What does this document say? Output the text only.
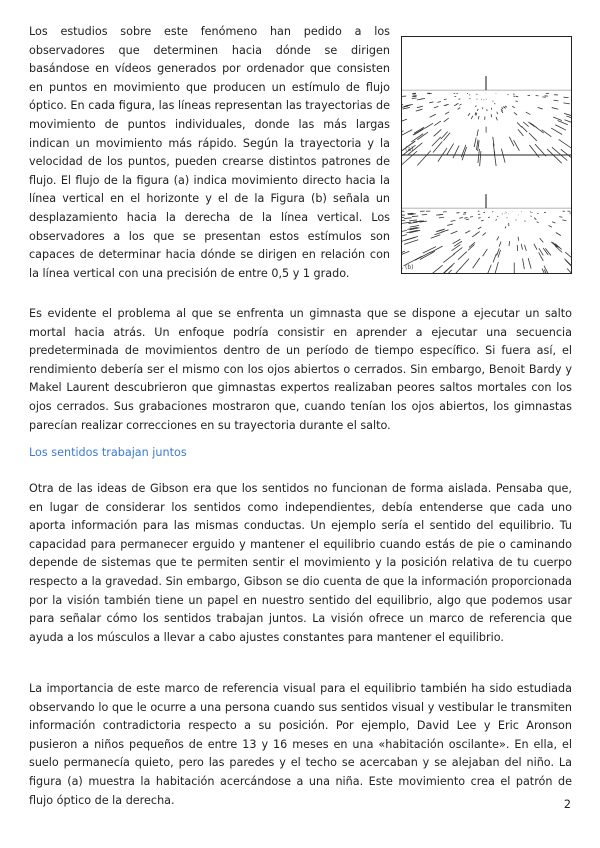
Los estudios sobre este fenómeno han pedido a los observadores que determinen hacia dónde se dirigen basándose en vídeos generados por ordenador que consisten en puntos en movimiento que producen un estímulo de flujo óptico. En cada figura, las líneas representan las trayectorias de movimiento de puntos individuales, donde las más largas indican un movimiento más rápido. Según la trayectoria y la velocidad de los puntos, pueden crearse distintos patrones de flujo. El flujo de la figura (a) indica movimiento directo hacia la línea vertical en el horizonte y el de la Figura (b) señala un desplazamiento hacia la derecha de la línea vertical. Los observadores a los que se presentan estos estímulos son capaces de determinar hacia dónde se dirigen en relación con la línea vertical con una precisión de entre 0,5 y 1 grado.

(a)
(b)

Es evidente el problema al que se enfrenta un gimnasta que se dispone a ejecutar un salto mortal hacia atrás. Un enfoque podría consistir en aprender a ejecutar una secuencia predeterminada de movimientos dentro de un período de tiempo específico. Si fuera así, el rendimiento debería ser el mismo con los ojos abiertos o cerrados. Sin embargo, Benoit Bardy y Makel Laurent descubrieron que gimnastas expertos realizaban peores saltos mortales con los ojos cerrados. Sus grabaciones mostraron que, cuando tenían los ojos abiertos, los gimnastas parecían realizar correcciones en su trayectoria durante el salto.

Los sentidos trabajan juntos

Otra de las ideas de Gibson era que los sentidos no funcionan de forma aislada. Pensaba que, en lugar de considerar los sentidos como independientes, debía entenderse que cada uno aporta información para las mismas conductas. Un ejemplo sería el sentido del equilibrio. Tu capacidad para permanecer erguido y mantener el equilibrio cuando estás de pie o caminando depende de sistemas que te permiten sentir el movimiento y la posición relativa de tu cuerpo respecto a la gravedad. Sin embargo, Gibson se dio cuenta de que la información proporcionada por la visión también tiene un papel en nuestro sentido del equilibrio, algo que podemos usar para señalar cómo los sentidos trabajan juntos. La visión ofrece un marco de referencia que ayuda a los músculos a llevar a cabo ajustes constantes para mantener el equilibrio.

La importancia de este marco de referencia visual para el equilibrio también ha sido estudiada observando lo que le ocurre a una persona cuando sus sentidos visual y vestibular le transmiten información contradictoria respecto a su posición. Por ejemplo, David Lee y Eric Aronson pusieron a niños pequeños de entre 13 y 16 meses en una «habitación oscilante». En ella, el suelo permanecía quieto, pero las paredes y el techo se acercaban y se alejaban del niño. La figura (a) muestra la habitación acercándose a una niña. Este movimiento crea el patrón de flujo óptico de la derecha.	2
